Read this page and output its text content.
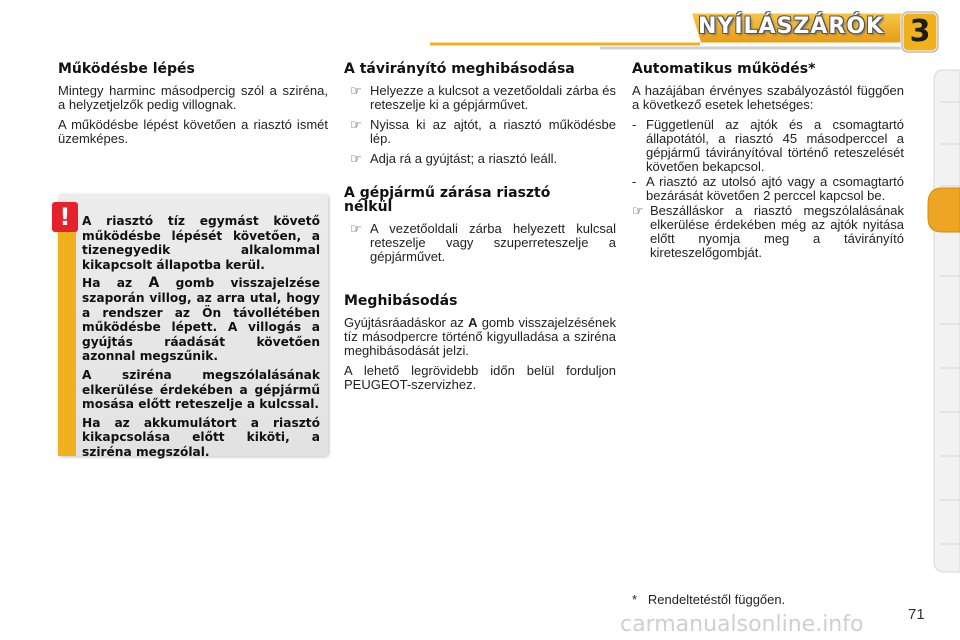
NYÍLÁSZÁRÓK 3
Működésbe lépés

Mintegy harminc másodpercig szól a sziréna, a helyzetjelzők pedig villognak.

A működésbe lépést követően a riasztó ismét üzemképes.

! A riasztó tíz egymást követő működésbe lépését követően, a tizenegyedik alkalommal kikapcsolt állapotba kerül.

Ha az A gomb visszajelzése szaporán villog, az arra utal, hogy a rendszer az Ön távollétében működésbe lépett. A villogás a gyújtás ráadását követően azonnal megszűnik.

A sziréna megszólalásának elkerülése érdekében a gépjármű mosása előtt reteszelje a kulcssal.

Ha az akkumulátort a riasztó kikapcsolása előtt kiköti, a sziréna megszólal.

A távirányító meghibásodása
☞ Helyezze a kulcsot a vezetőoldali zárba és reteszelje ki a gépjárművet.
☞ Nyissa ki az ajtót, a riasztó működésbe lép.
☞ Adja rá a gyújtást; a riasztó leáll.
A gépjármű zárása riasztó nélkül
☞ A vezetőoldali zárba helyezett kulcsal reteszelje vagy szuperreteszelje a gépjárművet.
Meghibásodás

Gyújtásráadáskor az A gomb visszajelzésének tíz másodpercre történő kigyulladása a sziréna meghibásodását jelzi.

A lehető legrövidebb időn belül forduljon PEUGEOT-szervizhez.

Automatikus működés*

A hazájában érvényes szabályozástól függően a következő esetek lehetséges:

- Függetlenül az ajtók és a csomagtartó állapotától, a riasztó 45 másodperccel a gépjármű távirányítóval történő reteszelését követően bekapcsol.
- A riasztó az utolsó ajtó vagy a csomagtartó bezárását követően 2 perccel kapcsol be.
☞ Beszálláskor a riasztó megszólalásának elkerülése érdekében még az ajtók nyitása előtt nyomja meg a távirányító kireteszelőgombját.
* Rendeltetéstől függően.
carmanualsonline.info	71
